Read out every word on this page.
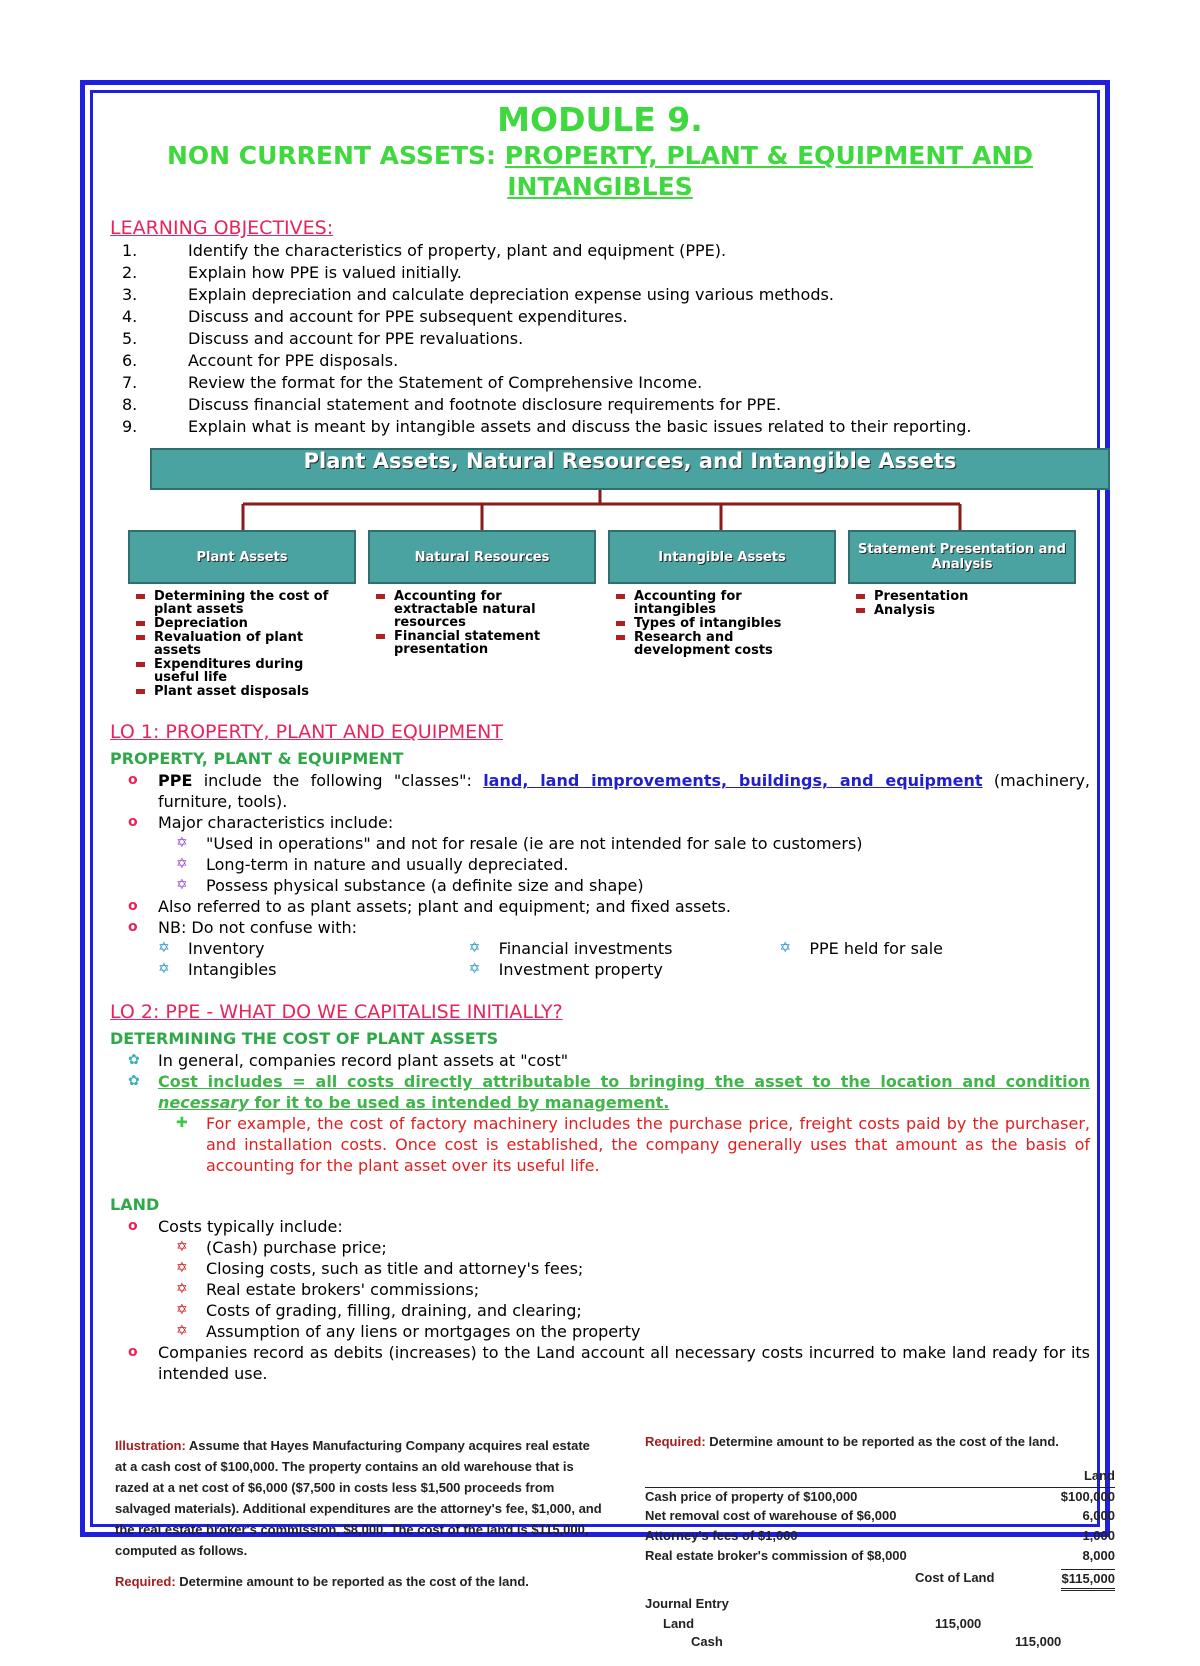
MODULE 9.
NON CURRENT ASSETS: PROPERTY, PLANT & EQUIPMENT AND
INTANGIBLES
LEARNING OBJECTIVES:
1.	Identify the characteristics of property, plant and equipment (PPE).
2.	Explain how PPE is valued initially.
3.	Explain depreciation and calculate depreciation expense using various methods.
4.	Discuss and account for PPE subsequent expenditures.
5.	Discuss and account for PPE revaluations.
6.	Account for PPE disposals.
7.	Review the format for the Statement of Comprehensive Income.
8.	Discuss financial statement and footnote disclosure requirements for PPE.
9.	Explain what is meant by intangible assets and discuss the basic issues related to their reporting.
Plant Assets, Natural Resources, and Intangible Assets
Plant Assets	Natural Resources	Intangible Assets	Statement Presentation and Analysis
Determining the cost of plant assets
Depreciation
Revaluation of plant assets
Expenditures during useful life
Plant asset disposals
Accounting for extractable natural resources
Financial statement presentation
Accounting for intangibles
Types of intangibles
Research and development costs
Presentation
Analysis
LO 1: PROPERTY, PLANT AND EQUIPMENT
PROPERTY, PLANT & EQUIPMENT
o PPE include the following "classes": land, land improvements, buildings, and equipment (machinery, furniture, tools).
o Major characteristics include:
✡ "Used in operations" and not for resale (ie are not intended for sale to customers)
✡ Long-term in nature and usually depreciated.
✡ Possess physical substance (a definite size and shape)
o Also referred to as plant assets; plant and equipment; and fixed assets.
o NB: Do not confuse with:
✡ Inventory
✡ Intangibles
✡ Financial investments
✡ Investment property
✡ PPE held for sale
LO 2: PPE - WHAT DO WE CAPITALISE INITIALLY?
DETERMINING THE COST OF PLANT ASSETS
✿ In general, companies record plant assets at "cost"
✿ Cost includes = all costs directly attributable to bringing the asset to the location and condition necessary for it to be used as intended by management.
✚ For example, the cost of factory machinery includes the purchase price, freight costs paid by the purchaser, and installation costs. Once cost is established, the company generally uses that amount as the basis of accounting for the plant asset over its useful life.
LAND
o Costs typically include:
✡ (Cash) purchase price;
✡ Closing costs, such as title and attorney's fees;
✡ Real estate brokers' commissions;
✡ Costs of grading, filling, draining, and clearing;
✡ Assumption of any liens or mortgages on the property
o Companies record as debits (increases) to the Land account all necessary costs incurred to make land ready for its intended use.
Illustration: Assume that Hayes Manufacturing Company acquires real estate at a cash cost of $100,000. The property contains an old warehouse that is razed at a net cost of $6,000 ($7,500 in costs less $1,500 proceeds from salvaged materials). Additional expenditures are the attorney's fee, $1,000, and the real estate broker's commission, $8,000. The cost of the land is $115,000, computed as follows.
Required: Determine amount to be reported as the cost of the land.
Required: Determine amount to be reported as the cost of the land.
Land
Cash price of property of $100,000	$100,000
Net removal cost of warehouse of $6,000	6,000
Attorney's fees of $1,000	1,000
Real estate broker's commission of $8,000	8,000
Cost of Land	$115,000
Journal Entry
Land	115,000
Cash	115,000
